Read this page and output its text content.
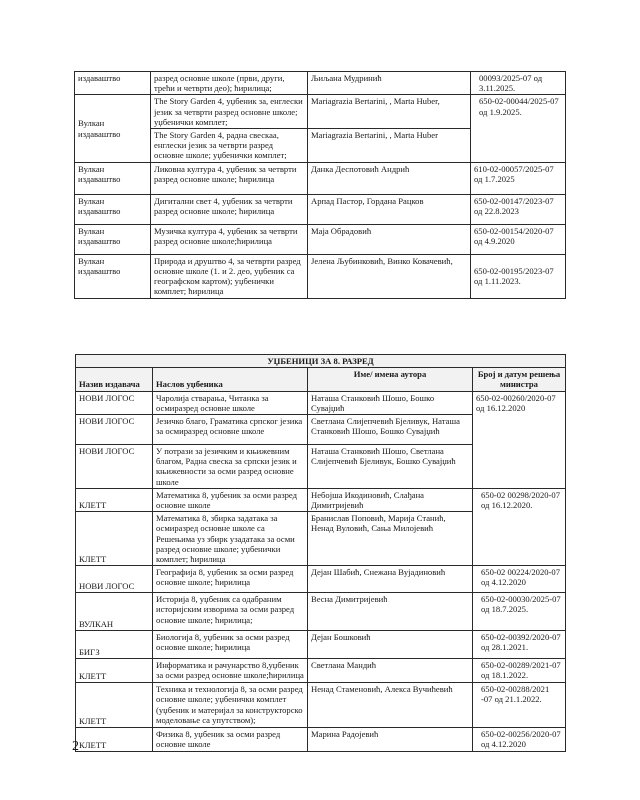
издаваштво	разред основне школе (први, други, трећи и четврти део); ћирилица;	Љиљана Мудринић	00093/2025-07 од 3.11.2025.
Вулкан издаваштво	The Story Garden 4, уџбеник за, енглески језик за четврти разред основне школе; уџбенички комплет;	Mariagrazia Bertarini, , Marta Huber,	650-02-00044/2025-07 од 1.9.2025.
	The Story Garden 4, радна свескаа, енглески језик за четврти разред основне школе; уџбенички комплет;	Mariagrazia Bertarini, , Marta Huber	
Вулкан издаваштво	Ликовна култура 4, уџбеник за четврти разред основне школе; ћирилица	Данка Деспотовић Андрић	610-02-00057/2025-07 од 1.7.2025
Вулкан издаваштво	Дигитални свет 4, уџбеник за четврти разред основне школе; ћирилица	Арпад Пастор, Гордана Рацков	650-02-00147/2023-07 од 22.8.2023
Вулкан издаваштво	Музичка култура 4, уџбеник за четврти разред основне школе;ћирилица	Маја Обрадовић	650-02-00154/2020-07 од 4.9.2020
Вулкан издаваштво	Природа и друштво 4, за четврти разред основне школе (1. и 2. део, уџбеник са географском картом); уџбенички комплет; ћирилица	Јелена Љубинковић, Винко Ковачевић,	650-02-00195/2023-07 од 1.11.2023.
УЏБЕНИЦИ ЗА 8. РАЗРЕД			
Назив издавача	Наслов уџбеника	Име/ имена аутора	Број и датум решења министра
НОВИ ЛОГОС	Чаролија стварања, Читанка за осмиразред основне школе	Наташа Станковић Шошо, Бошко Сувајџић	650-02-00260/2020-07 од 16.12.2020
НОВИ ЛОГОС	Језичко благо, Граматика српског језика за осмиразред основне школе	Светлана Слијепчевић Бјеливук, Наташа Станковић Шошо, Бошко Сувајџић	
НОВИ ЛОГОС	У потрази за језичким и књижевним благом, Радна свеска за српски језик и књижевности за осми разред основне школе	Наташа Станковић Шошо, Светлана Слијепчевић Бјеливук, Бошко Сувајџић	
КЛЕТТ	Математика 8, уџбеник за осми разред основне школе	Небојша Икодиновић, Слађана Димитријевић	650-02 00298/2020-07 од 16.12.2020.
КЛЕТТ	Математика 8, збирка задатака за осмиразред основне школе са Решењима уз збирк узадатака за осми разред основне школе; уџбенички комплет; ћирилица	Бранислав Поповић, Марија Станић, Ненад Вуловић, Сања Милојевић	
НОВИ ЛОГОС	Географија 8, уџбеник за осми разред основне школе; ћирилица	Дејан Шабић, Снежана Вујадиновић	650-02 00224/2020-07 од 4.12.2020
ВУЛКАН	Историја 8, уџбеник са одабраним историјским изворима за осми разред основне школе; ћирилица;	Весна Димитријевић	650-02-00030/2025-07 од 18.7.2025.
БИГЗ	Биологија 8, уџбеник за осми разред основне школе; ћирилица	Дејан Бошковић	650-02-00392/2020-07 од 28.1.2021.
КЛЕТТ	Информатика и рачунарство 8,уџбеник за осми разред основне школе;ћирилица	Светлана Мандић	650-02-00289/2021-07 од 18.1.2022.
КЛЕТТ	Техника и технологија 8, за осми разред основне школе; уџбенички комплет (уџбеник и материјал за конструкторско моделовање са упутством);	Ненад Стаменовић, Алекса Вучићевић	650-02-00288/2021 -07 од 21.1.2022.
КЛЕТТ	Физика 8, уџбеник за осми разред основне школе	Марина Радојевић	650-02-00256/2020-07 од 4.12.2020
2
